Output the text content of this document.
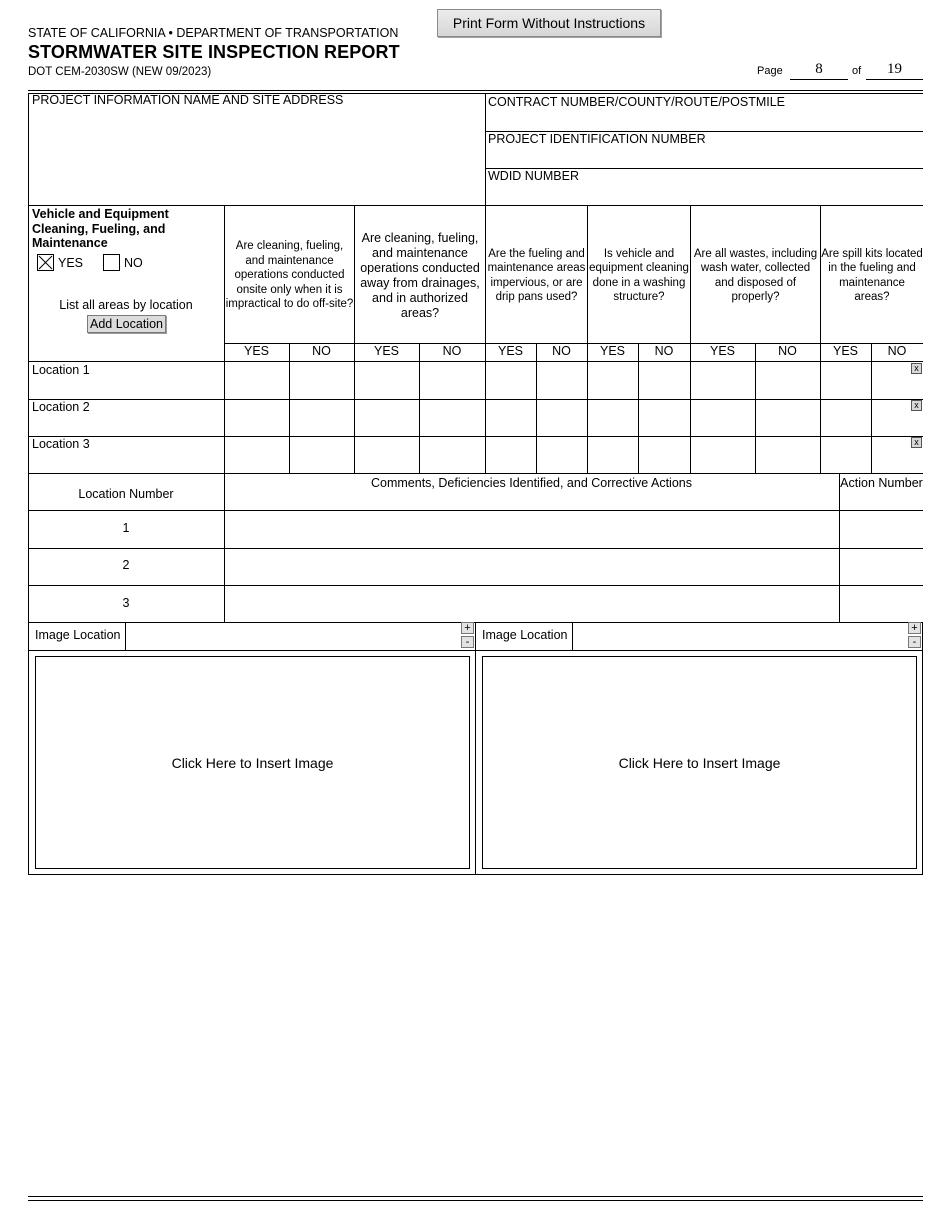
STATE OF CALIFORNIA • DEPARTMENT OF TRANSPORTATION
STORMWATER SITE INSPECTION REPORT
DOT CEM-2030SW (NEW 09/2023)
Print Form Without Instructions
Page	8	of	19
PROJECT INFORMATION NAME AND SITE ADDRESS	CONTRACT NUMBER/COUNTY/ROUTE/POSTMILE
PROJECT IDENTIFICATION NUMBER
WDID NUMBER
Vehicle and Equipment Cleaning, Fueling, and Maintenance
YES	NO
List all areas by location
Add Location
Are cleaning, fueling, and maintenance operations conducted onsite only when it is impractical to do off-site?
Are cleaning, fueling, and maintenance operations conducted away from drainages, and in authorized areas?
Are the fueling and maintenance areas impervious, or are drip pans used?
Is vehicle and equipment cleaning done in a washing structure?
Are all wastes, including wash water, collected and disposed of properly?
Are spill kits located in the fueling and maintenance areas?
YES	NO	YES	NO	YES	NO	YES	NO	YES	NO	YES	NO
Location 1
Location 2
Location 3
x
x
x
Location Number
Comments, Deficiencies Identified, and Corrective Actions	Action Number
1
2
3
Image Location	+
-	Image Location	+
-
Click Here to Insert Image	Click Here to Insert Image
